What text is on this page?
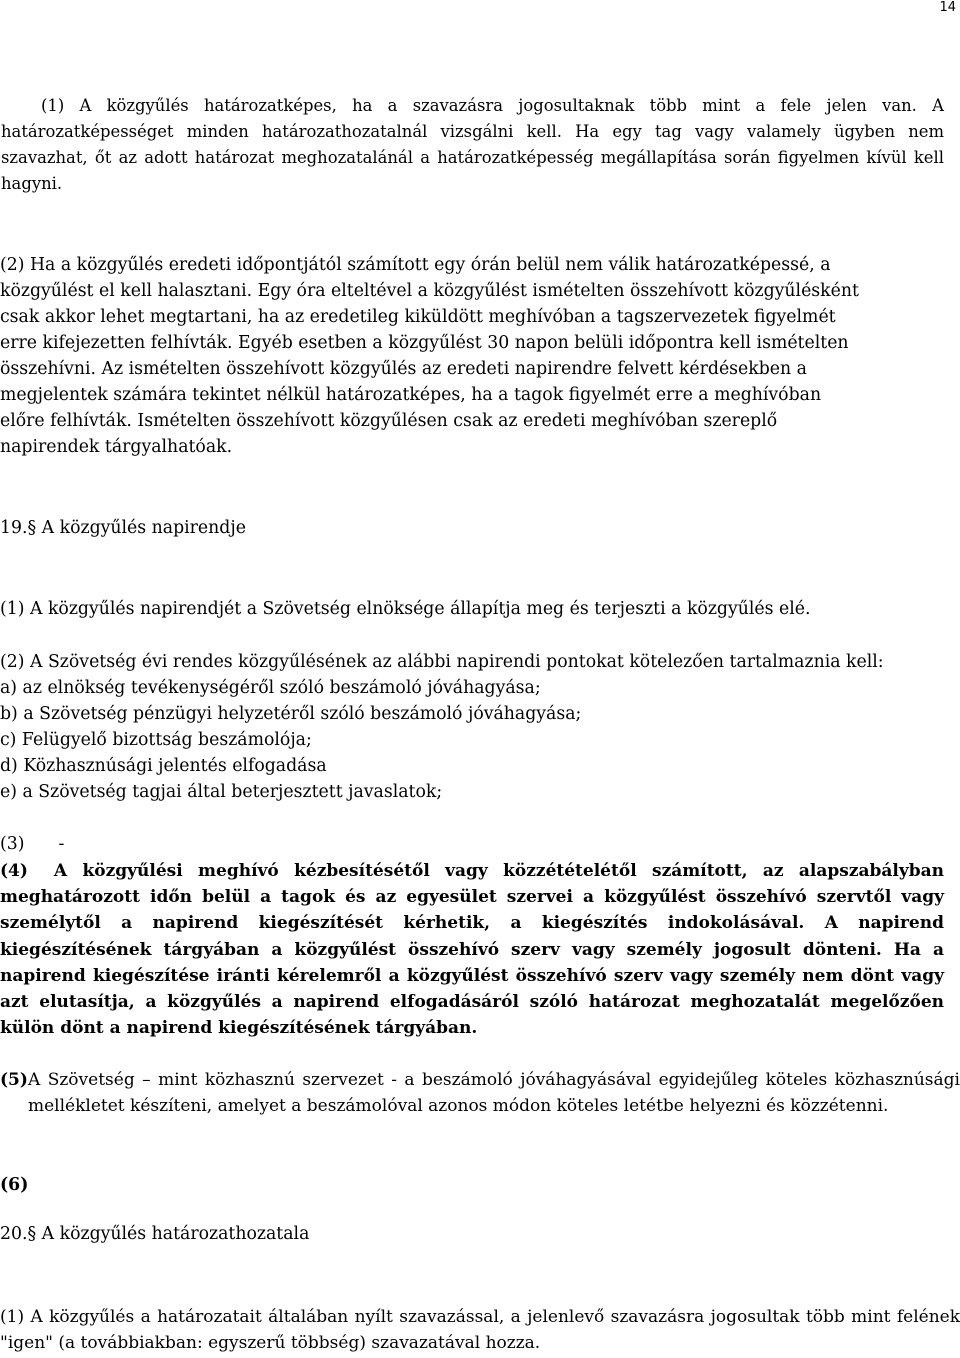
14

(1) A közgyűlés határozatképes, ha a szavazásra jogosultaknak több mint a fele jelen van. A határozatképességet minden határozathozatalnál vizsgálni kell. Ha egy tag vagy valamely ügyben nem szavazhat, őt az adott határozat meghozatalánál a határozatképesség megállapítása során figyelmen kívül kell hagyni.

(2) Ha a közgyűlés eredeti időpontjától számított egy órán belül nem válik határozatképessé, a
közgyűlést el kell halasztani. Egy óra elteltével a közgyűlést ismételten összehívott közgyűlésként
csak akkor lehet megtartani, ha az eredetileg kiküldött meghívóban a tagszervezetek figyelmét
erre kifejezetten felhívták. Egyéb esetben a közgyűlést 30 napon belüli időpontra kell ismételten
összehívni. Az ismételten összehívott közgyűlés az eredeti napirendre felvett kérdésekben a
megjelentek számára tekintet nélkül határozatképes, ha a tagok figyelmét erre a meghívóban
előre felhívták. Ismételten összehívott közgyűlésen csak az eredeti meghívóban szereplő
napirendek tárgyalhatóak.
19.§ A közgyűlés napirendje
(1) A közgyűlés napirendjét a Szövetség elnöksége állapítja meg és terjeszti a közgyűlés elé.
(2) A Szövetség évi rendes közgyűlésének az alábbi napirendi pontokat kötelezően tartalmaznia kell:
a) az elnökség tevékenységéről szóló beszámoló jóváhagyása;
b) a Szövetség pénzügyi helyzetéről szóló beszámoló jóváhagyása;
c) Felügyelő bizottság beszámolója;
d) Közhasznúsági jelentés elfogadása
e) a Szövetség tagjai által beterjesztett javaslatok;
(3) -

(4) A közgyűlési meghívó kézbesítésétől vagy közzétételétől számított, az alapszabályban meghatározott időn belül a tagok és az egyesület szervei a közgyűlést összehívó szervtől vagy személytől a napirend kiegészítését kérhetik, a kiegészítés indokolásával. A napirend kiegészítésének tárgyában a közgyűlést összehívó szerv vagy személy jogosult dönteni. Ha a napirend kiegészítése iránti kérelemről a közgyűlést összehívó szerv vagy személy nem dönt vagy azt elutasítja, a közgyűlés a napirend elfogadásáról szóló határozat meghozatalát megelőzően külön dönt a napirend kiegészítésének tárgyában.

(5) A Szövetség – mint közhasznú szervezet - a beszámoló jóváhagyásával egyidejűleg köteles közhasznúsági mellékletet készíteni, amelyet a beszámolóval azonos módon köteles letétbe helyezni és közzétenni.
(6)
20.§ A közgyűlés határozathozatala

(1) A közgyűlés a határozatait általában nyílt szavazással, a jelenlevő szavazásra jogosultak több mint felének "igen" (a továbbiakban: egyszerű többség) szavazatával hozza.
